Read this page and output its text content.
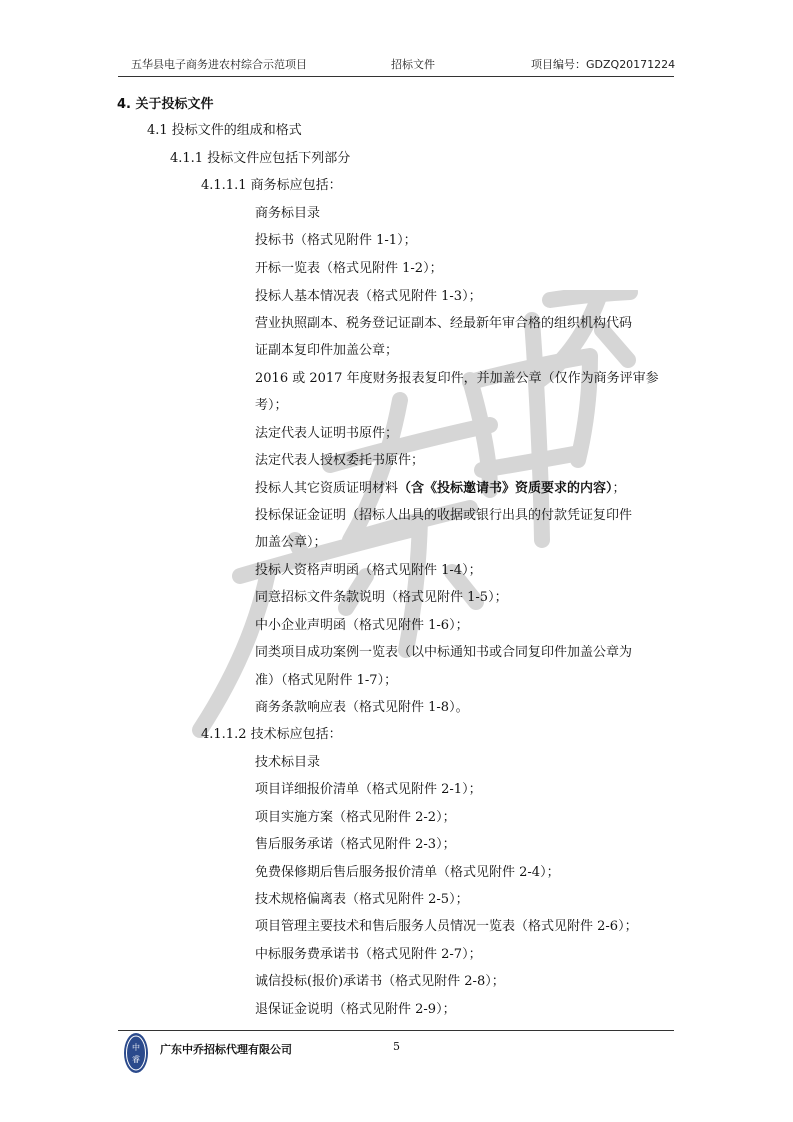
五华县电子商务进农村综合示范项目	招标文件	项目编号：GDZQ20171224
4. 关于投标文件
4.1 投标文件的组成和格式
4.1.1 投标文件应包括下列部分
4.1.1.1 商务标应包括：
商务标目录
投标书（格式见附件 1-1）；
开标一览表（格式见附件 1-2）；
投标人基本情况表（格式见附件 1-3）；
营业执照副本、税务登记证副本、经最新年审合格的组织机构代码
证副本复印件加盖公章；
2016 或 2017 年度财务报表复印件，并加盖公章（仅作为商务评审参
考）；
法定代表人证明书原件；
法定代表人授权委托书原件；
投标人其它资质证明材料（含《投标邀请书》资质要求的内容）；
投标保证金证明（招标人出具的收据或银行出具的付款凭证复印件
加盖公章）；
投标人资格声明函（格式见附件 1-4）；
同意招标文件条款说明（格式见附件 1-5）；
中小企业声明函（格式见附件 1-6）；
同类项目成功案例一览表（以中标通知书或合同复印件加盖公章为
准）（格式见附件 1-7）；
商务条款响应表（格式见附件 1-8）。
4.1.1.2 技术标应包括：
技术标目录
项目详细报价清单（格式见附件 2-1）；
项目实施方案（格式见附件 2-2）；
售后服务承诺（格式见附件 2-3）；
免费保修期后售后服务报价清单（格式见附件 2-4）；
技术规格偏离表（格式见附件 2-5）；
项目管理主要技术和售后服务人员情况一览表（格式见附件 2-6）；
中标服务费承诺书（格式见附件 2-7）；
诚信投标(报价)承诺书（格式见附件 2-8）；
退保证金说明（格式见附件 2-9）；
中
睿
广东中乔招标代理有限公司	5
